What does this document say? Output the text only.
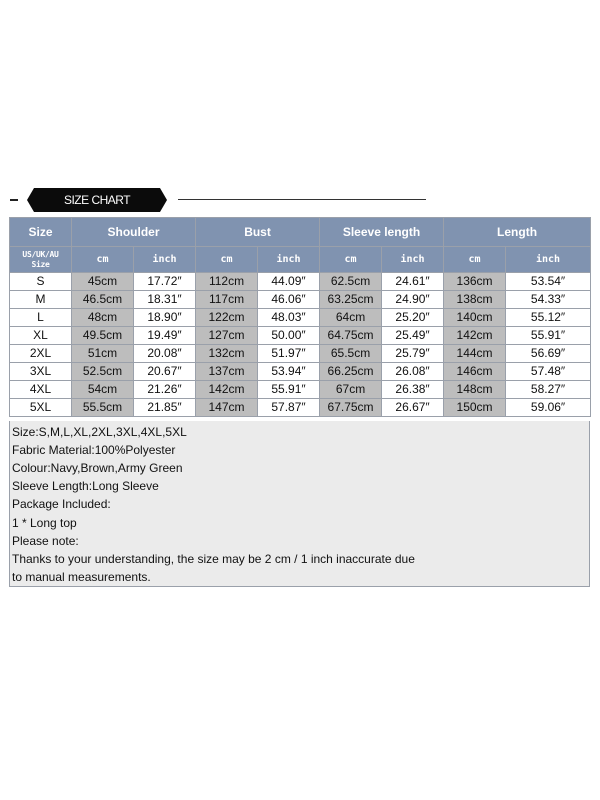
SIZE CHART
Size	Shoulder		Bust		Sleeve length		Length	

US/UK/AU
Size	cm	inch	cm	inch	cm	inch	cm	inch
S	45cm	17.72″	112cm	44.09″	62.5cm	24.61″	136cm	53.54″
M	46.5cm	18.31″	117cm	46.06″	63.25cm	24.90″	138cm	54.33″
L	48cm	18.90″	122cm	48.03″	64cm	25.20″	140cm	55.12″
XL	49.5cm	19.49″	127cm	50.00″	64.75cm	25.49″	142cm	55.91″
2XL	51cm	20.08″	132cm	51.97″	65.5cm	25.79″	144cm	56.69″
3XL	52.5cm	20.67″	137cm	53.94″	66.25cm	26.08″	146cm	57.48″
4XL	54cm	21.26″	142cm	55.91″	67cm	26.38″	148cm	58.27″
5XL	55.5cm	21.85″	147cm	57.87″	67.75cm	26.67″	150cm	59.06″
Size:S,M,L,XL,2XL,3XL,4XL,5XL
Fabric Material:100%Polyester
Colour:Navy,Brown,Army Green
Sleeve Length:Long Sleeve
Package Included:
1 * Long top
Please note:
Thanks to your understanding, the size may be 2 cm / 1 inch inaccurate due
to manual measurements.
